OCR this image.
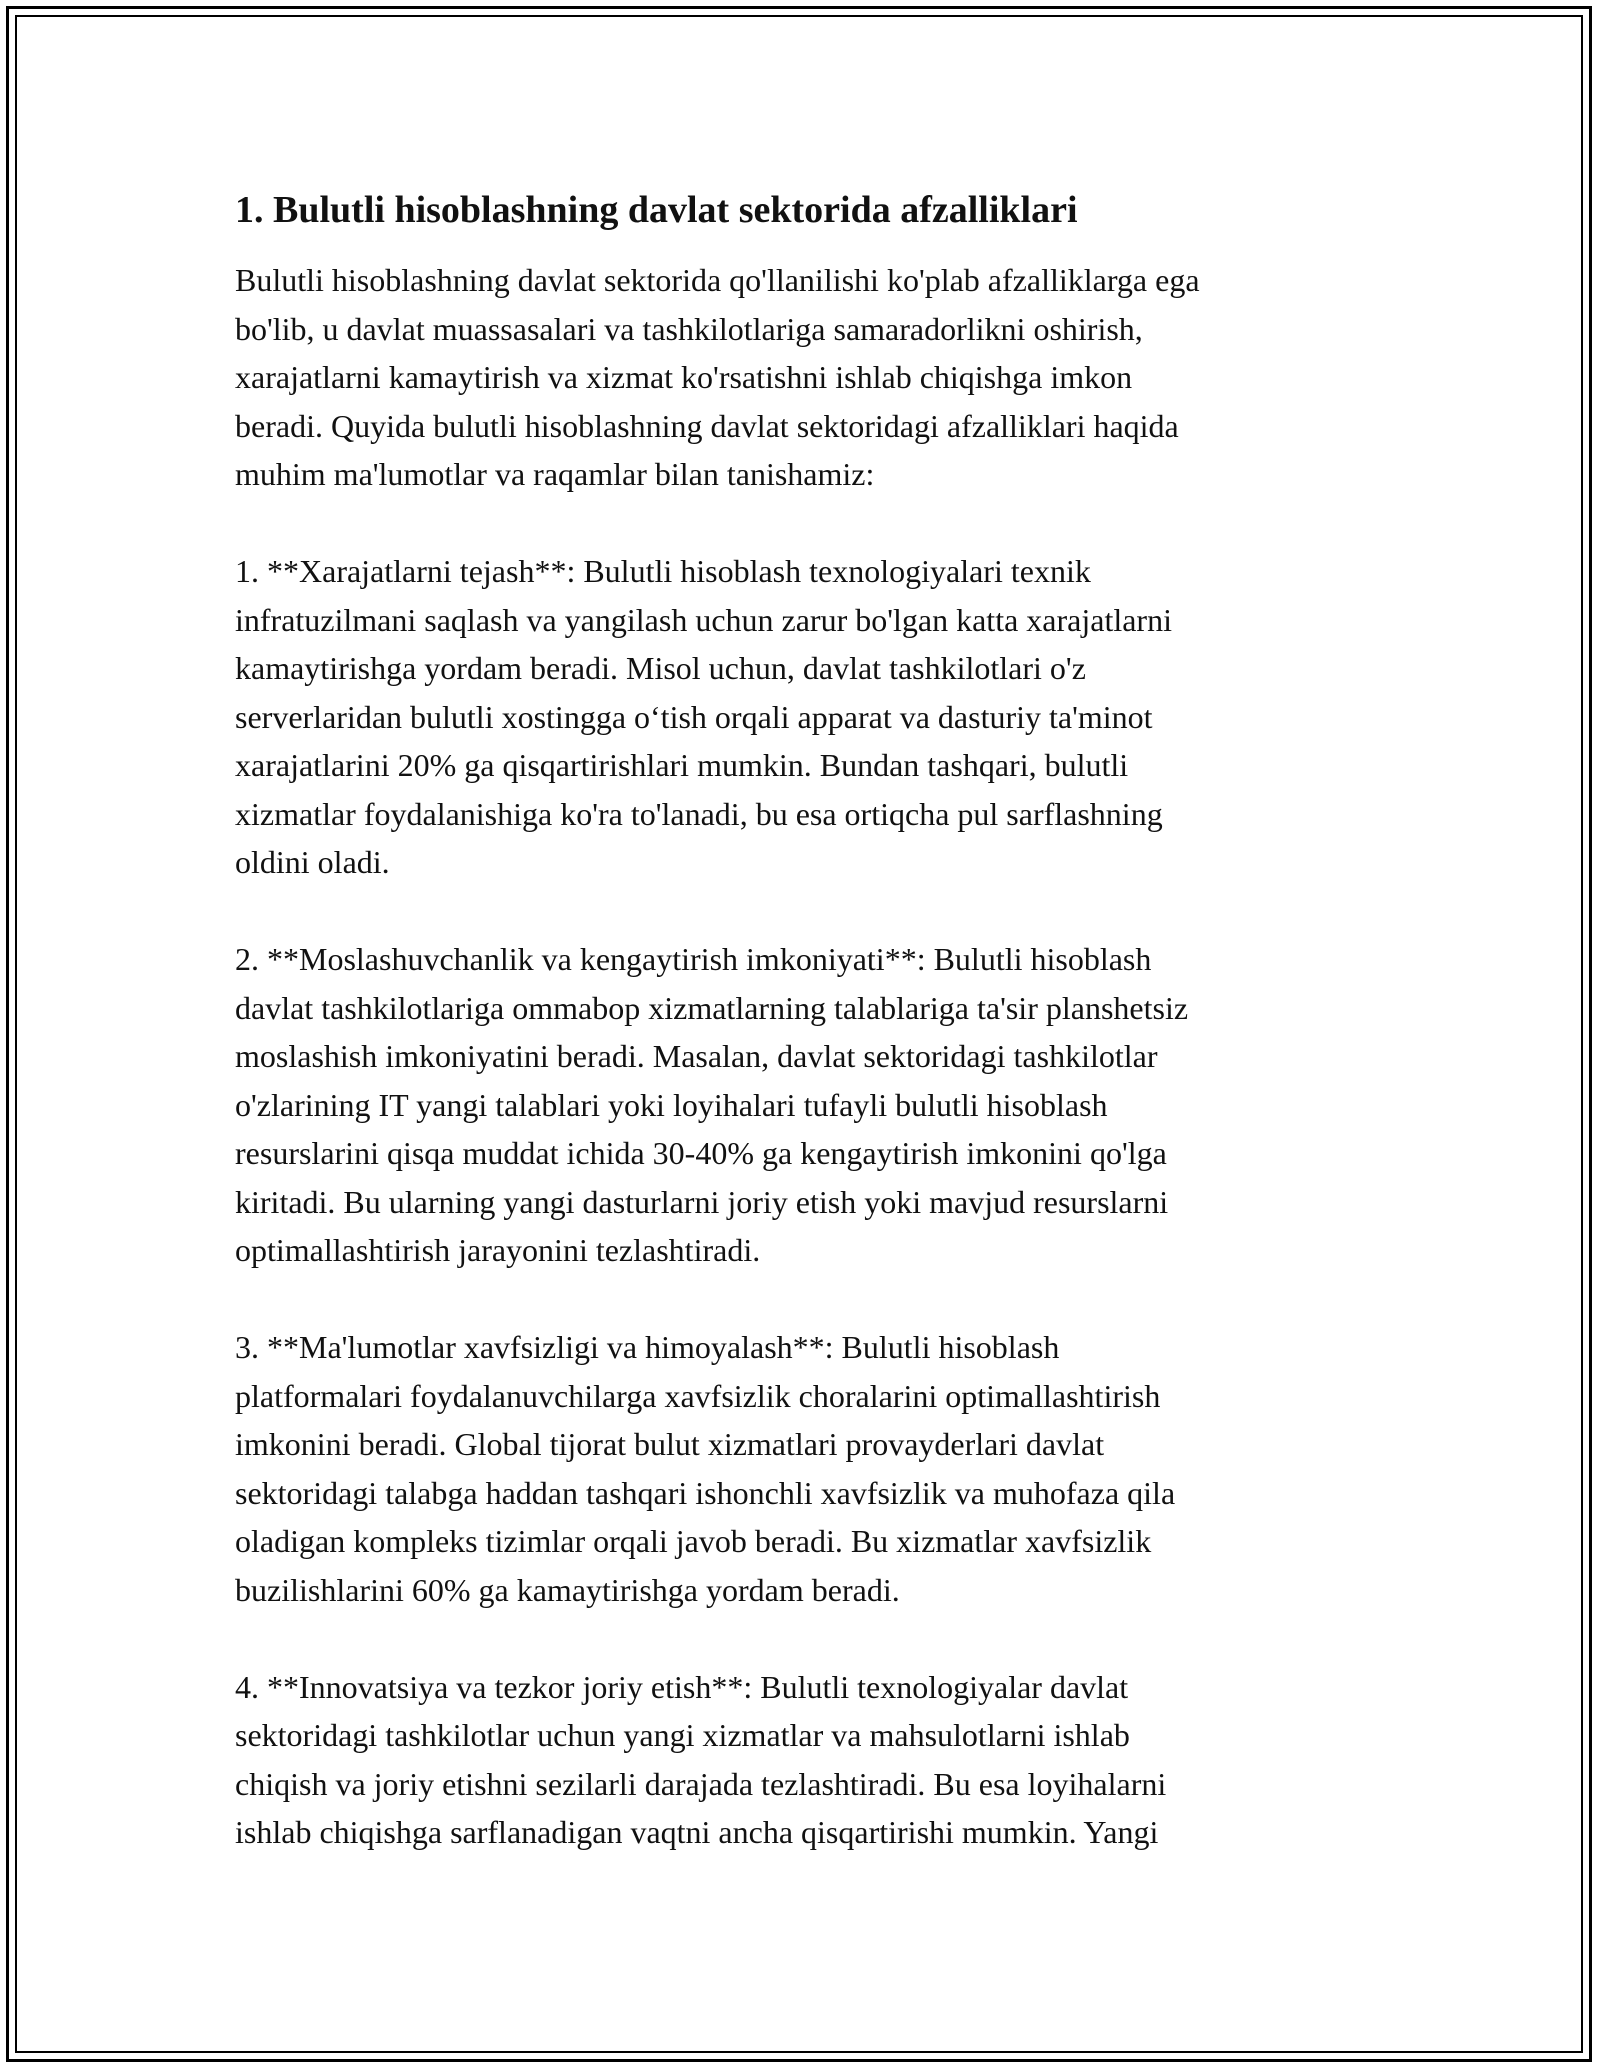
1. Bulutli hisoblashning davlat sektorida afzalliklari

Bulutli hisoblashning davlat sektorida qo'llanilishi ko'plab afzalliklarga ega
bo'lib, u davlat muassasalari va tashkilotlariga samaradorlikni oshirish,
xarajatlarni kamaytirish va xizmat ko'rsatishni ishlab chiqishga imkon
beradi. Quyida bulutli hisoblashning davlat sektoridagi afzalliklari haqida
muhim ma'lumotlar va raqamlar bilan tanishamiz:

1. **Xarajatlarni tejash**: Bulutli hisoblash texnologiyalari texnik
infratuzilmani saqlash va yangilash uchun zarur bo'lgan katta xarajatlarni
kamaytirishga yordam beradi. Misol uchun, davlat tashkilotlari o'z
serverlaridan bulutli xostingga o‘tish orqali apparat va dasturiy ta'minot
xarajatlarini 20% ga qisqartirishlari mumkin. Bundan tashqari, bulutli
xizmatlar foydalanishiga ko'ra to'lanadi, bu esa ortiqcha pul sarflashning
oldini oladi.

2. **Moslashuvchanlik va kengaytirish imkoniyati**: Bulutli hisoblash
davlat tashkilotlariga ommabop xizmatlarning talablariga ta'sir planshetsiz
moslashish imkoniyatini beradi. Masalan, davlat sektoridagi tashkilotlar
o'zlarining IT yangi talablari yoki loyihalari tufayli bulutli hisoblash
resurslarini qisqa muddat ichida 30-40% ga kengaytirish imkonini qo'lga
kiritadi. Bu ularning yangi dasturlarni joriy etish yoki mavjud resurslarni
optimallashtirish jarayonini tezlashtiradi.

3. **Ma'lumotlar xavfsizligi va himoyalash**: Bulutli hisoblash
platformalari foydalanuvchilarga xavfsizlik choralarini optimallashtirish
imkonini beradi. Global tijorat bulut xizmatlari provayderlari davlat
sektoridagi talabga haddan tashqari ishonchli xavfsizlik va muhofaza qila
oladigan kompleks tizimlar orqali javob beradi. Bu xizmatlar xavfsizlik
buzilishlarini 60% ga kamaytirishga yordam beradi.

4. **Innovatsiya va tezkor joriy etish**: Bulutli texnologiyalar davlat
sektoridagi tashkilotlar uchun yangi xizmatlar va mahsulotlarni ishlab
chiqish va joriy etishni sezilarli darajada tezlashtiradi. Bu esa loyihalarni
ishlab chiqishga sarflanadigan vaqtni ancha qisqartirishi mumkin. Yangi
